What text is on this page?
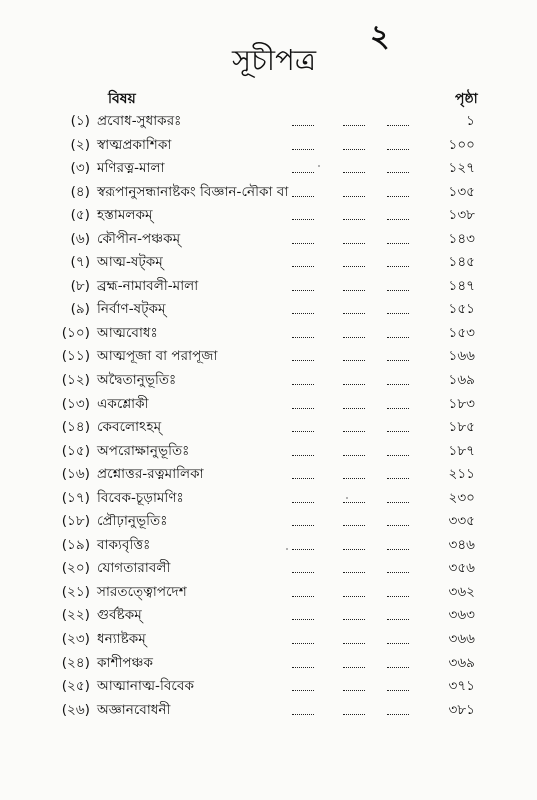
২
সূচীপত্র
বিষয়	পৃষ্ঠা
(১) প্রবোধ-সুধাকরঃ	১
(২) স্বাত্মপ্রকাশিকা	১০০
(৩) মণিরত্ন-মালা	১২৭
(৪) স্বরূপানুসন্ধানাষ্টকং বিজ্ঞান-নৌকা বা	১৩৫
(৫) হস্তামলকম্	১৩৮
(৬) কৌপীন-পঞ্চকম্	১৪৩
(৭) আত্ম-ষট্কম্	১৪৫
(৮) ব্রহ্ম-নামাবলী-মালা	১৪৭
(৯) নির্বাণ-ষট্কম্	১৫১
(১০) আত্মবোধঃ	১৫৩
(১১) আত্মপূজা বা পরাপূজা	১৬৬
(১২) অদ্বৈতানুভূতিঃ	১৬৯
(১৩) একশ্লোকী	১৮৩
(১৪) কেবলোঽহম্	১৮৫
(১৫) অপরোক্ষানুভূতিঃ	১৮৭
(১৬) প্রশ্নোত্তর-রত্নমালিকা	২১১
(১৭) বিবেক-চূড়ামণিঃ	২৩০
(১৮) প্রৌঢ়ানুভূতিঃ	৩৩৫
(১৯) বাক্যবৃত্তিঃ	৩৪৬
(২০) যোগতারাবলী	৩৫৬
(২১) সারতত্ত্বোপদেশ	৩৬২
(২২) গুর্বষ্টকম্	৩৬৩
(২৩) ধন্যাষ্টকম্	৩৬৬
(২৪) কাশীপঞ্চক	৩৬৯
(২৫) আত্মানাত্ম-বিবেক	৩৭১
(২৬) অজ্ঞানবোধনী	৩৮১
